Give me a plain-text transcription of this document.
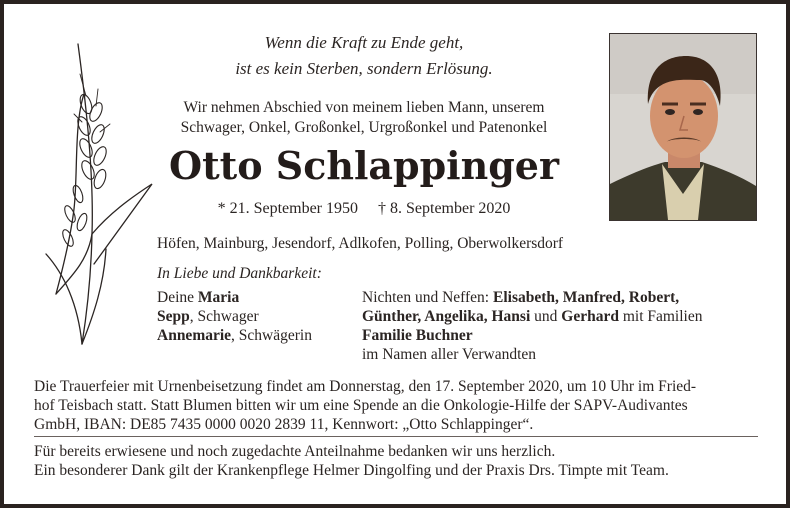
Wenn die Kraft zu Ende geht,
ist es kein Sterben, sondern Erlösung.
Wir nehmen Abschied von meinem lieben Mann, unserem
Schwager, Onkel, Großonkel, Urgroßonkel und Patenonkel
Otto Schlappinger
* 21. September 1950 † 8. September 2020
Höfen, Mainburg, Jesendorf, Adlkofen, Polling, Oberwolkersdorf
In Liebe und Dankbarkeit:
Deine Maria
Sepp, Schwager
Annemarie, Schwägerin
Nichten und Neffen: Elisabeth, Manfred, Robert,
Günther, Angelika, Hansi und Gerhard mit Familien
Familie Buchner
im Namen aller Verwandten
Die Trauerfeier mit Urnenbeisetzung findet am Donnerstag, den 17. September 2020, um 10 Uhr im Fried-
hof Teisbach statt. Statt Blumen bitten wir um eine Spende an die Onkologie-Hilfe der SAPV-Audivantes
GmbH, IBAN: DE85 7435 0000 0020 2839 11, Kennwort: „Otto Schlappinger“.
Für bereits erwiesene und noch zugedachte Anteilnahme bedanken wir uns herzlich.
Ein besonderer Dank gilt der Krankenpflege Helmer Dingolfing und der Praxis Drs. Timpte mit Team.
